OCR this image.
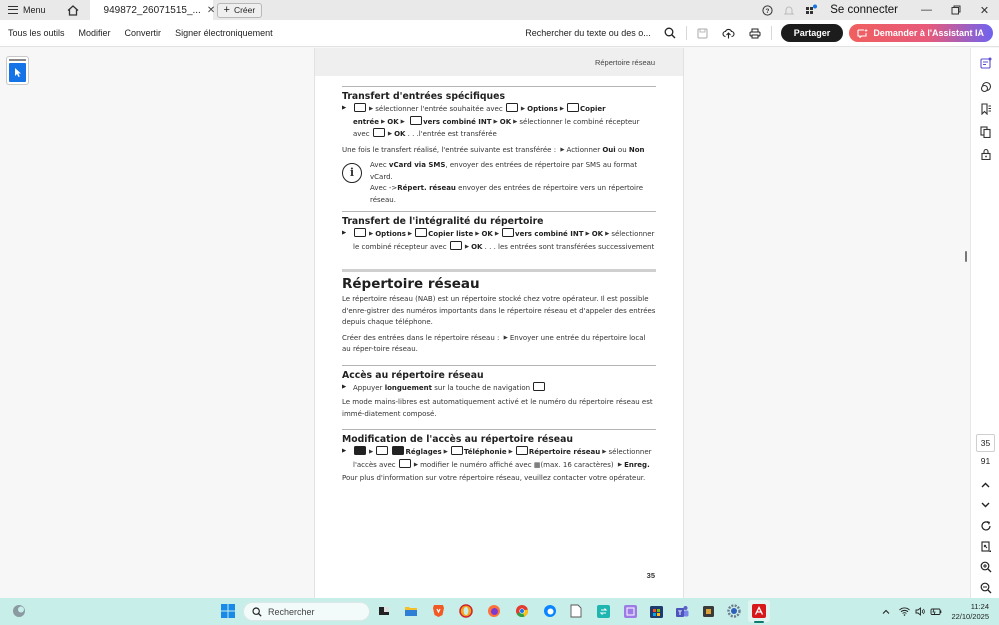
Menu	949872_26071515_... ✕ + Créer	?	Se connecter —	✕
Tous les outils	Modifier	Convertir	Signer électroniquement	Rechercher du texte ou des o...	Partager	Demander à l'Assistant IA
Répertoire réseau
Transfert d'entrées spécifiques
▶ ▶ sélectionner l'entrée souhaitée avec	▶ Options ▶ Copier entrée ▶ OK ▶	vers combiné INT ▶ OK ▶ sélectionner le combiné récepteur avec	▶ OK . . .l'entrée est transférée
Une fois le transfert réalisé, l'entrée suivante est transférée : ▶ Actionner Oui ou Non
i
Avec vCard via SMS, envoyer des entrées de répertoire par SMS au format vCard.
Avec ->Répert. réseau envoyer des entrées de répertoire vers un répertoire réseau.
Transfert de l'intégralité du répertoire
▶ ▶ Options ▶ Copier liste ▶ OK ▶ vers combiné INT ▶ OK ▶ sélectionner le combiné récepteur avec	▶ OK . . . les entrées sont transférées successivement
Répertoire réseau
Le répertoire réseau (NAB) est un répertoire stocké chez votre opérateur. Il est possible d'enre-gistrer des numéros importants dans le répertoire réseau et d'appeler des entrées depuis chaque téléphone.
Créer des entrées dans le répertoire réseau : ▶ Envoyer une entrée du répertoire local au réper-toire réseau.
Accès au répertoire réseau
▶ Appuyer longuement sur la touche de navigation
Le mode mains-libres est automatiquement activé et le numéro du répertoire réseau est immé-diatement composé.
Modification de l'accès au répertoire réseau
▶ ▶	Réglages ▶ Téléphonie ▶ Répertoire réseau ▶ sélectionner l'accès avec	▶ modifier le numéro affiché avec ▦(max. 16 caractères) ▶ Enreg.
Pour plus d'information sur votre répertoire réseau, veuillez contacter votre opérateur.
35
35
91
Rechercher	T
11:24
22/10/2025
